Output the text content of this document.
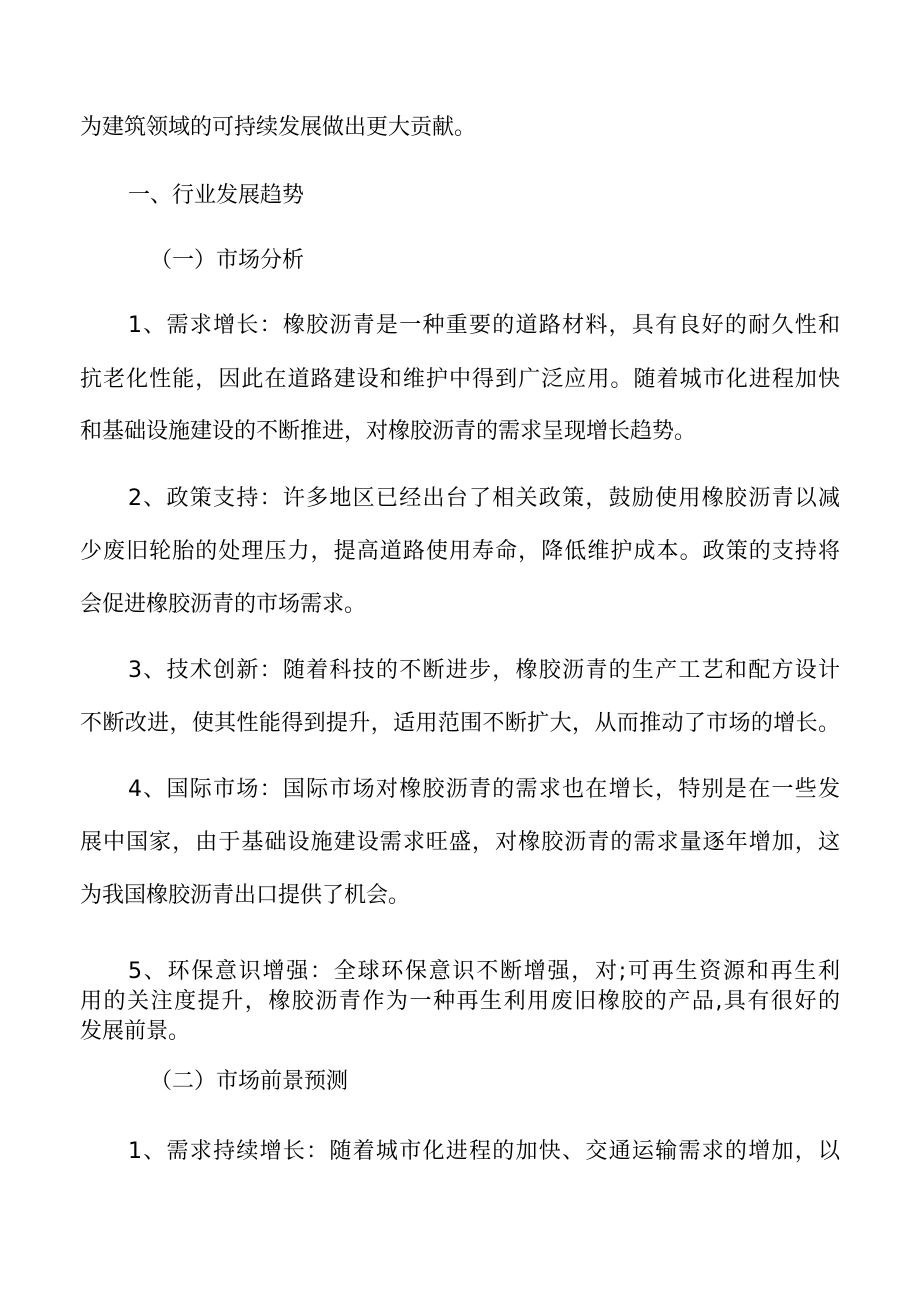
为建筑领域的可持续发展做出更大贡献。

一、行业发展趋势

（一）市场分析

1、需求增长：橡胶沥青是一种重要的道路材料，具有良好的耐久性和

抗老化性能，因此在道路建设和维护中得到广泛应用。随着城市化进程加快

和基础设施建设的不断推进，对橡胶沥青的需求呈现增长趋势。

2、政策支持：许多地区已经出台了相关政策，鼓励使用橡胶沥青以减

少废旧轮胎的处理压力，提高道路使用寿命，降低维护成本。政策的支持将

会促进橡胶沥青的市场需求。

3、技术创新：随着科技的不断进步，橡胶沥青的生产工艺和配方设计

不断改进，使其性能得到提升，适用范围不断扩大，从而推动了市场的增长。

4、国际市场：国际市场对橡胶沥青的需求也在增长，特别是在一些发

展中国家，由于基础设施建设需求旺盛，对橡胶沥青的需求量逐年增加，这

为我国橡胶沥青出口提供了机会。

5、环保意识增强：全球环保意识不断增强，对;可再生资源和再生利

用的关注度提升，橡胶沥青作为一种再生利用废旧橡胶的产品,具有很好的

发展前景。

（二）市场前景预测

1、需求持续增长：随着城市化进程的加快、交通运输需求的增加，以
